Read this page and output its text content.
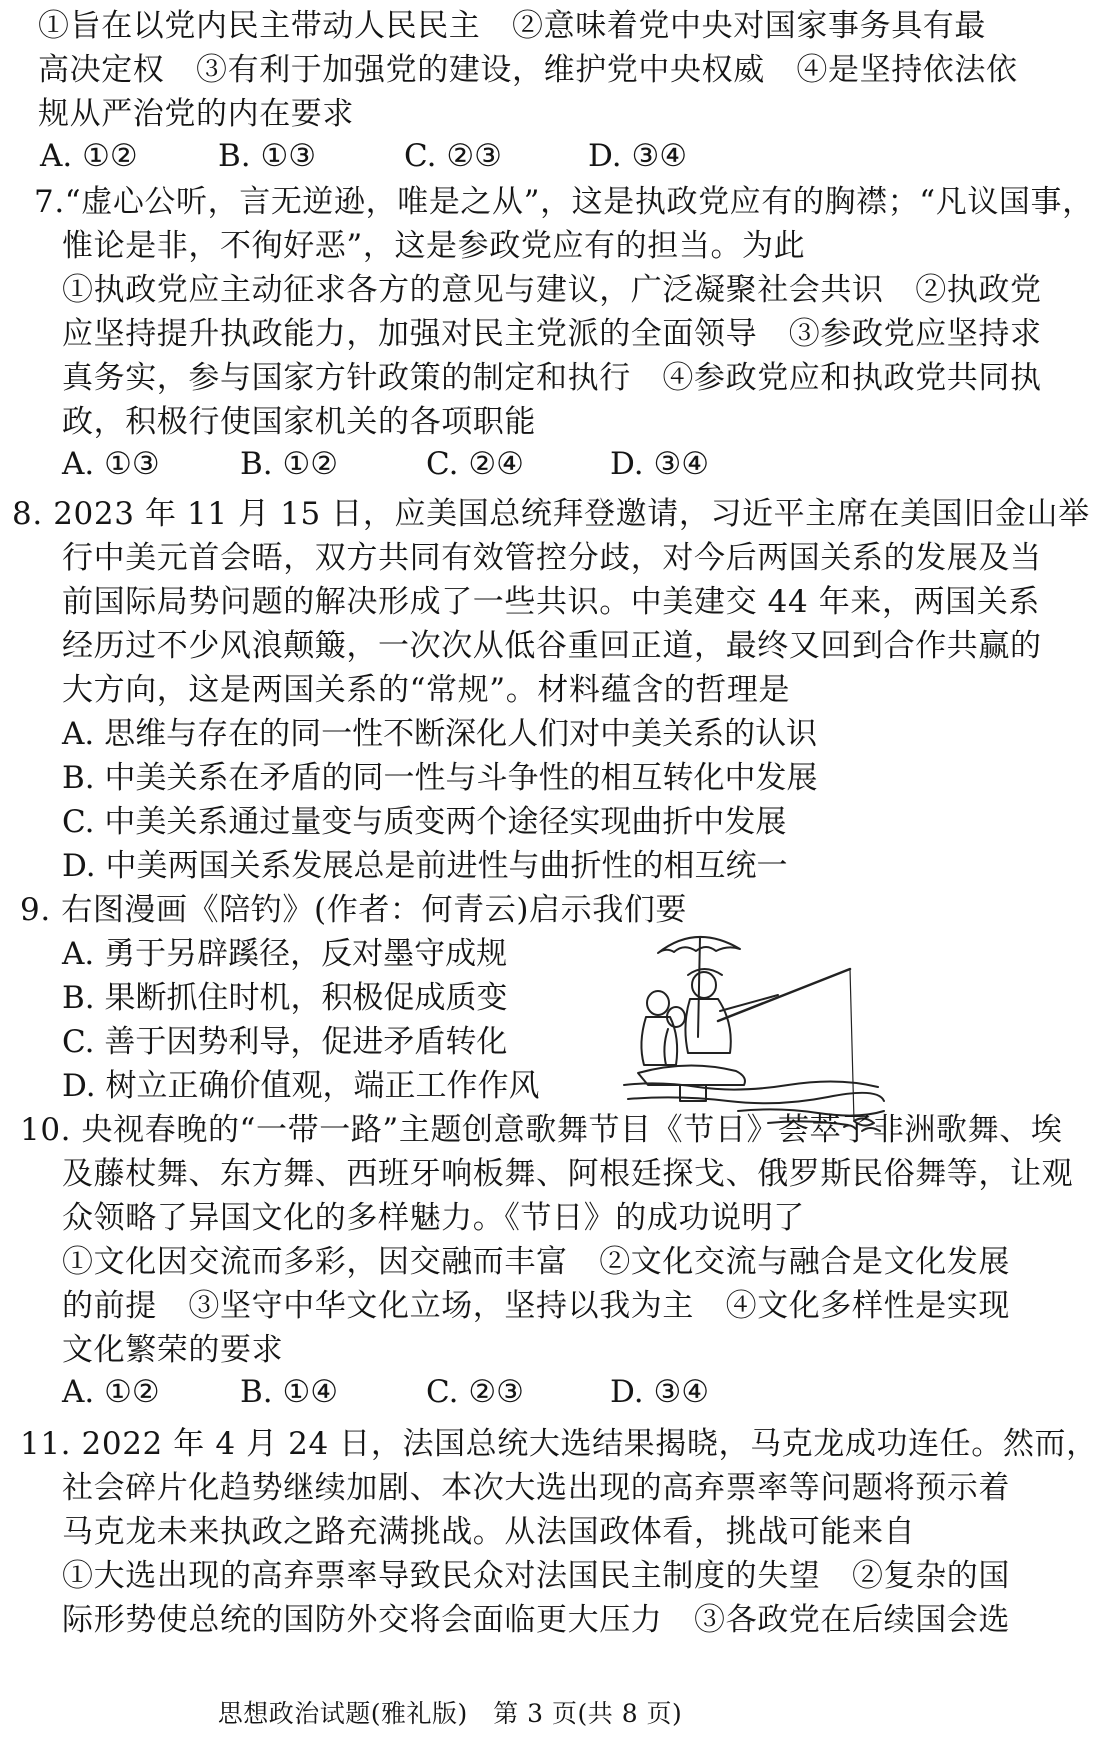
①旨在以党内民主带动人民民主　②意味着党中央对国家事务具有最
高决定权　③有利于加强党的建设，维护党中央权威　④是坚持依法依
规从严治党的内在要求
A. ①②	B. ①③	C. ②③	D. ③④
7.“虚心公听，言无逆逊，唯是之从”，这是执政党应有的胸襟；“凡议国事，
惟论是非，不徇好恶”，这是参政党应有的担当。为此
①执政党应主动征求各方的意见与建议，广泛凝聚社会共识　②执政党
应坚持提升执政能力，加强对民主党派的全面领导　③参政党应坚持求
真务实，参与国家方针政策的制定和执行　④参政党应和执政党共同执
政，积极行使国家机关的各项职能
A. ①③	B. ①②	C. ②④	D. ③④
8. 2023 年 11 月 15 日，应美国总统拜登邀请，习近平主席在美国旧金山举
行中美元首会晤，双方共同有效管控分歧，对今后两国关系的发展及当
前国际局势问题的解决形成了一些共识。中美建交 44 年来，两国关系
经历过不少风浪颠簸，一次次从低谷重回正道，最终又回到合作共赢的
大方向，这是两国关系的“常规”。材料蕴含的哲理是
A. 思维与存在的同一性不断深化人们对中美关系的认识
B. 中美关系在矛盾的同一性与斗争性的相互转化中发展
C. 中美关系通过量变与质变两个途径实现曲折中发展
D. 中美两国关系发展总是前进性与曲折性的相互统一
9. 右图漫画《陪钓》(作者：何青云)启示我们要
A. 勇于另辟蹊径，反对墨守成规
B. 果断抓住时机，积极促成质变
C. 善于因势利导，促进矛盾转化
D. 树立正确价值观，端正工作作风
10. 央视春晚的“一带一路”主题创意歌舞节目《节日》荟萃了非洲歌舞、埃
及藤杖舞、东方舞、西班牙响板舞、阿根廷探戈、俄罗斯民俗舞等，让观
众领略了异国文化的多样魅力。《节日》的成功说明了
①文化因交流而多彩，因交融而丰富　②文化交流与融合是文化发展
的前提　③坚守中华文化立场，坚持以我为主　④文化多样性是实现
文化繁荣的要求
A. ①②	B. ①④	C. ②③	D. ③④
11. 2022 年 4 月 24 日，法国总统大选结果揭晓，马克龙成功连任。然而，
社会碎片化趋势继续加剧、本次大选出现的高弃票率等问题将预示着
马克龙未来执政之路充满挑战。从法国政体看，挑战可能来自
①大选出现的高弃票率导致民众对法国民主制度的失望　②复杂的国
际形势使总统的国防外交将会面临更大压力　③各政党在后续国会选
思想政治试题(雅礼版)　第 3 页(共 8 页)
